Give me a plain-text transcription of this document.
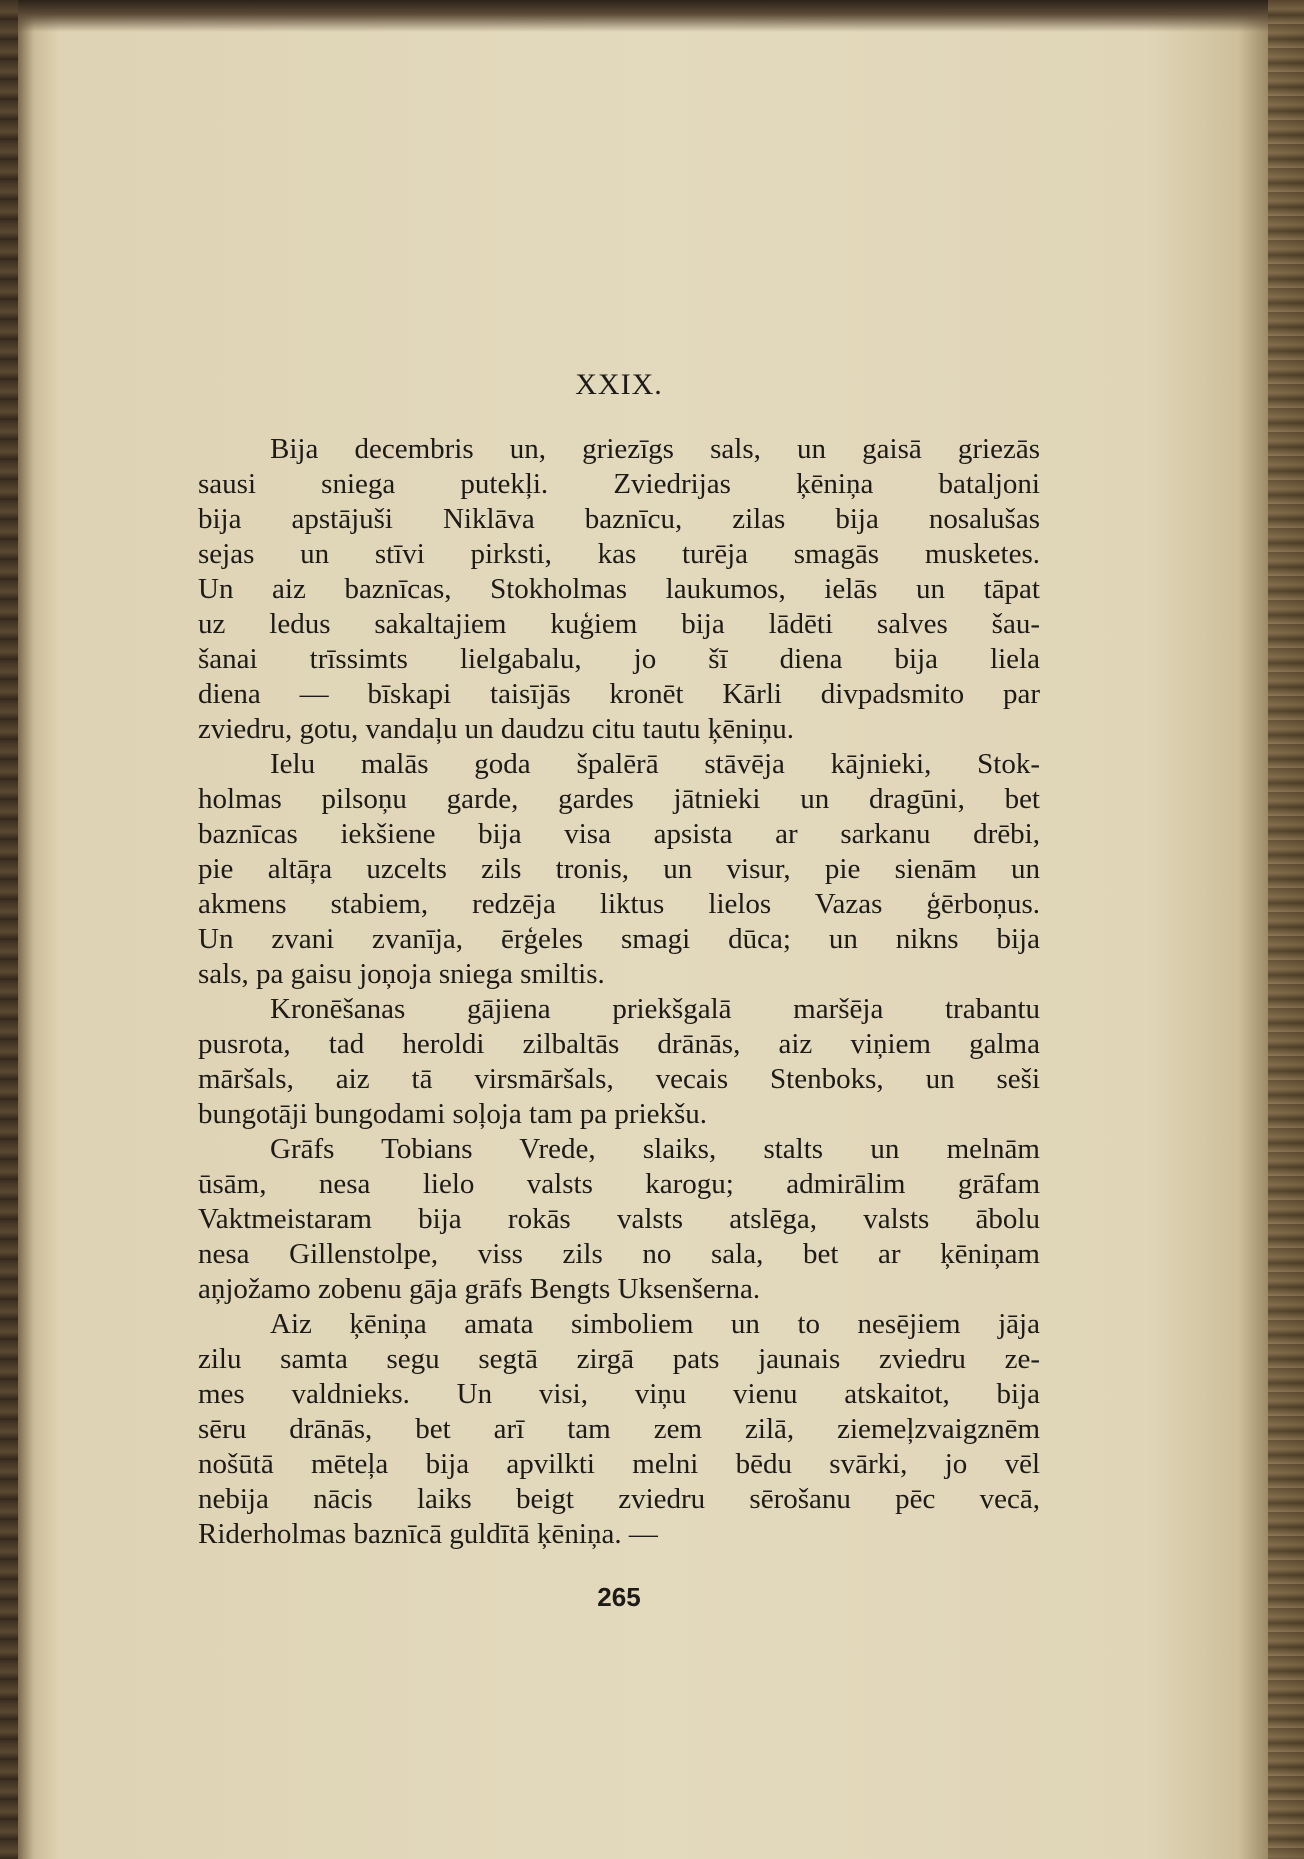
XXIX.
Bija decembris un, griezīgs sals, un gaisā griezās
sausi sniega putekļi. Zviedrijas ķēniņa bataljoni
bija apstājuši Niklāva baznīcu, zilas bija nosalušas
sejas un stīvi pirksti, kas turēja smagās musketes.
Un aiz baznīcas, Stokholmas laukumos, ielās un tāpat
uz ledus sakaltajiem kuģiem bija lādēti salves šau-
šanai trīssimts lielgabalu, jo šī diena bija liela
diena — bīskapi taisījās kronēt Kārli divpadsmito par
zviedru, gotu, vandaļu un daudzu citu tautu ķēniņu.
Ielu malās goda špalērā stāvēja kājnieki, Stok-
holmas pilsoņu garde, gardes jātnieki un dragūni, bet
baznīcas iekšiene bija visa apsista ar sarkanu drēbi,
pie altāŗa uzcelts zils tronis, un visur, pie sienām un
akmens stabiem, redzēja liktus lielos Vazas ģērboņus.
Un zvani zvanīja, ērģeles smagi dūca; un nikns bija
sals, pa gaisu joņoja sniega smiltis.
Kronēšanas gājiena priekšgalā maršēja trabantu
pusrota, tad heroldi zilbaltās drānās, aiz viņiem galma
māršals, aiz tā virsmāršals, vecais Stenboks, un seši
bungotāji bungodami soļoja tam pa priekšu.
Grāfs Tobians Vrede, slaiks, stalts un melnām
ūsām, nesa lielo valsts karogu; admirālim grāfam
Vaktmeistaram bija rokās valsts atslēga, valsts ābolu
nesa Gillenstolpe, viss zils no sala, bet ar ķēniņam
aņjožamo zobenu gāja grāfs Bengts Uksenšerna.
Aiz ķēniņa amata simboliem un to nesējiem jāja
zilu samta segu segtā zirgā pats jaunais zviedru ze-
mes valdnieks. Un visi, viņu vienu atskaitot, bija
sēru drānās, bet arī tam zem zilā, ziemeļzvaigznēm
nošūtā mēteļa bija apvilkti melni bēdu svārki, jo vēl
nebija nācis laiks beigt zviedru sērošanu pēc vecā,
Riderholmas baznīcā guldītā ķēniņa. —
265
